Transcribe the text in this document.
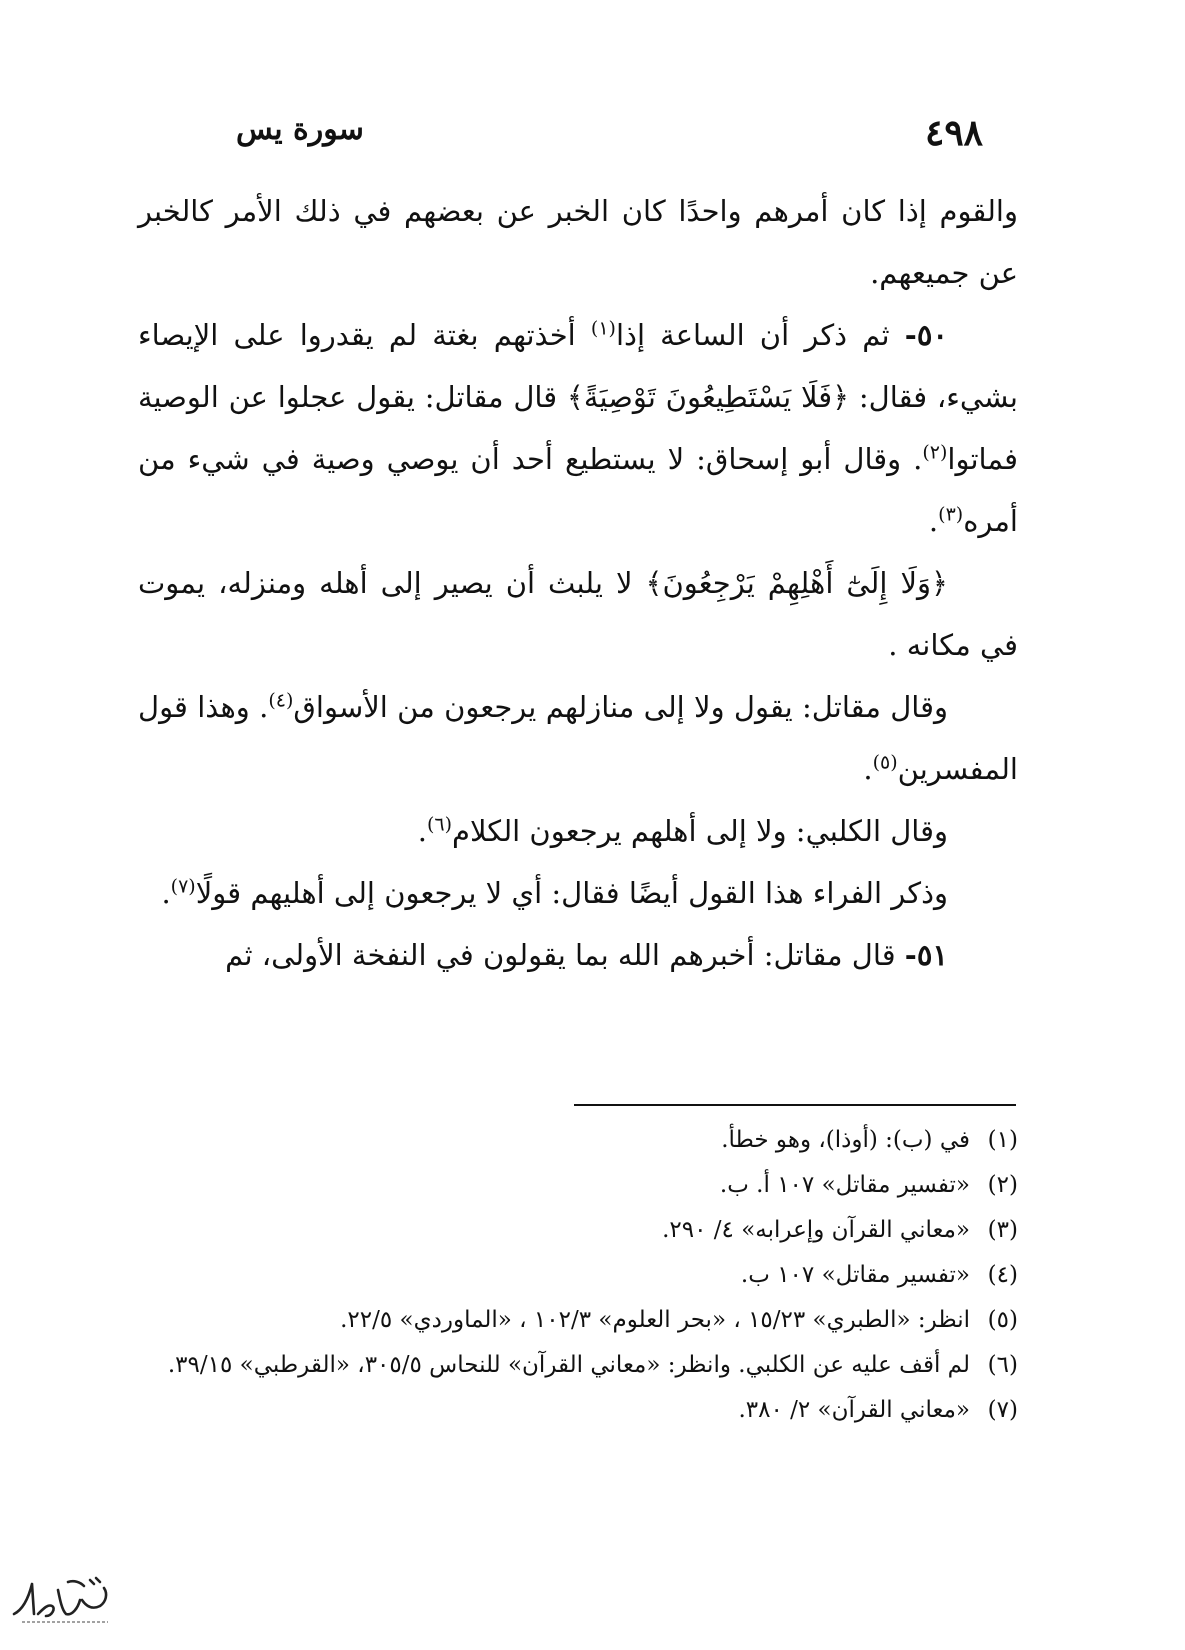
٤٩٨
سورة يس

والقوم إذا كان أمرهم واحدًا كان الخبر عن بعضهم في ذلك الأمر كالخبر عن جميعهم.

٥٠- ثم ذكر أن الساعة إذا$^{(١)}$ أخذتهم بغتة لم يقدروا على الإيصاء بشيء، فقال: ﴿فَلَا يَسْتَطِيعُونَ تَوْصِيَةً﴾ قال مقاتل: يقول عجلوا عن الوصية فماتوا$^{(٢)}$. وقال أبو إسحاق: لا يستطيع أحد أن يوصي وصية في شيء من أمره$^{(٣)}$.

﴿وَلَا إِلَىٰٓ أَهْلِهِمْ يَرْجِعُونَ﴾ لا يلبث أن يصير إلى أهله ومنزله، يموت في مكانه .

وقال مقاتل: يقول ولا إلى منازلهم يرجعون من الأسواق$^{(٤)}$. وهذا قول المفسرين$^{(٥)}$.

وقال الكلبي: ولا إلى أهلهم يرجعون الكلام$^{(٦)}$.

وذكر الفراء هذا القول أيضًا فقال: أي لا يرجعون إلى أهليهم قولًا$^{(٧)}$.

٥١- قال مقاتل: أخبرهم الله بما يقولون في النفخة الأولى، ثم

(١)في (ب): (أوذا)، وهو خطأ.

(٢)«تفسير مقاتل» ١٠٧ أ. ب.

(٣)«معاني القرآن وإعرابه» ٤/ ٢٩٠.

(٤)«تفسير مقاتل» ١٠٧ ب.

(٥)انظر: «الطبري» ١٥/٢٣ ، «بحر العلوم» ١٠٢/٣ ، «الماوردي» ٢٢/٥.

(٦)لم أقف عليه عن الكلبي. وانظر: «معاني القرآن» للنحاس ٣٠٥/٥، «القرطبي» ٣٩/١٥.

(٧)«معاني القرآن» ٢/ ٣٨٠.
